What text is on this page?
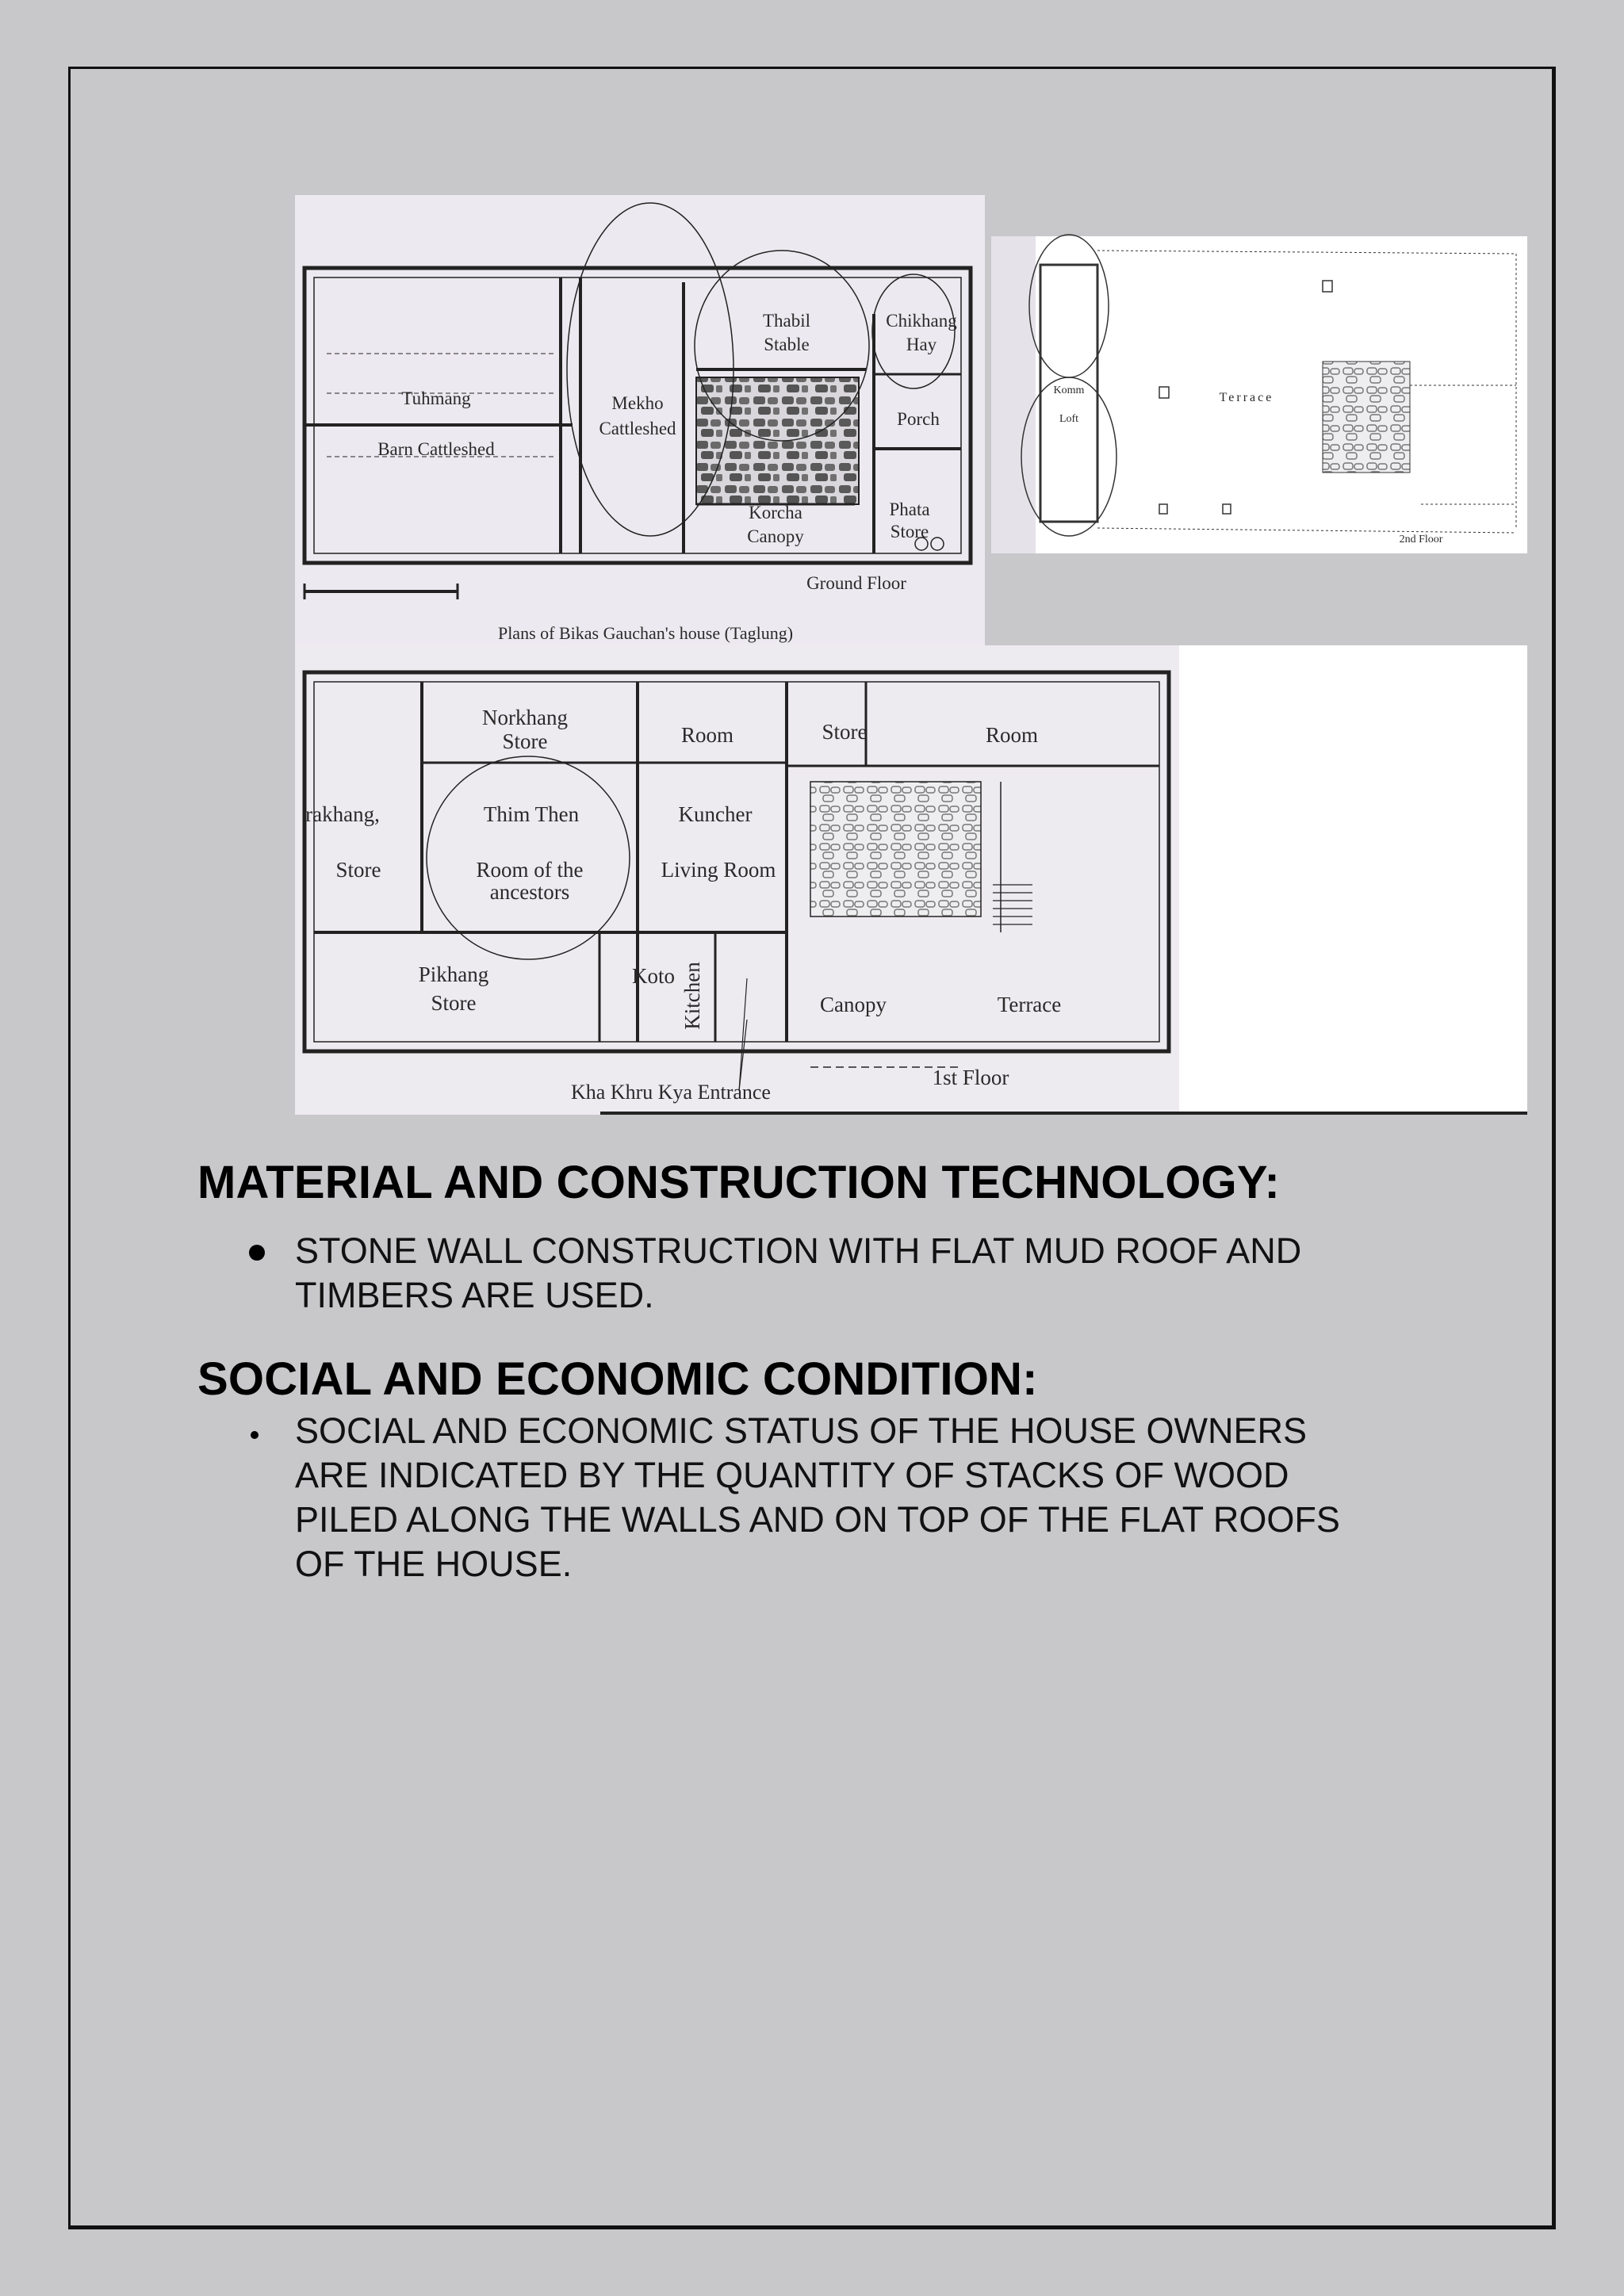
Tuhmang
Barn Cattleshed
Mekho
Cattleshed
Thabil
Stable
Chikhang
Hay
Porch
Korcha
Canopy
Phata
Store
Ground Floor
Plans of Bikas Gauchan's house (Taglung)
Komm
Loft
Terrace
2nd Floor
Norkhang
Store	Room	Store	Room
rakhang,
Store
Thim Then
Room of the
ancestors
Kuncher
Living Room
Pikhang
Store
Koto Kitchen	Canopy	Terrace
Kha Khru Kya Entrance
1st Floor
MATERIAL AND CONSTRUCTION TECHNOLOGY:
STONE WALL CONSTRUCTION WITH FLAT MUD ROOF AND
TIMBERS ARE USED.
SOCIAL AND ECONOMIC CONDITION:
SOCIAL AND ECONOMIC STATUS OF THE HOUSE OWNERS
ARE INDICATED BY THE QUANTITY OF STACKS OF WOOD
PILED ALONG THE WALLS AND ON TOP OF THE FLAT ROOFS
OF THE HOUSE.
